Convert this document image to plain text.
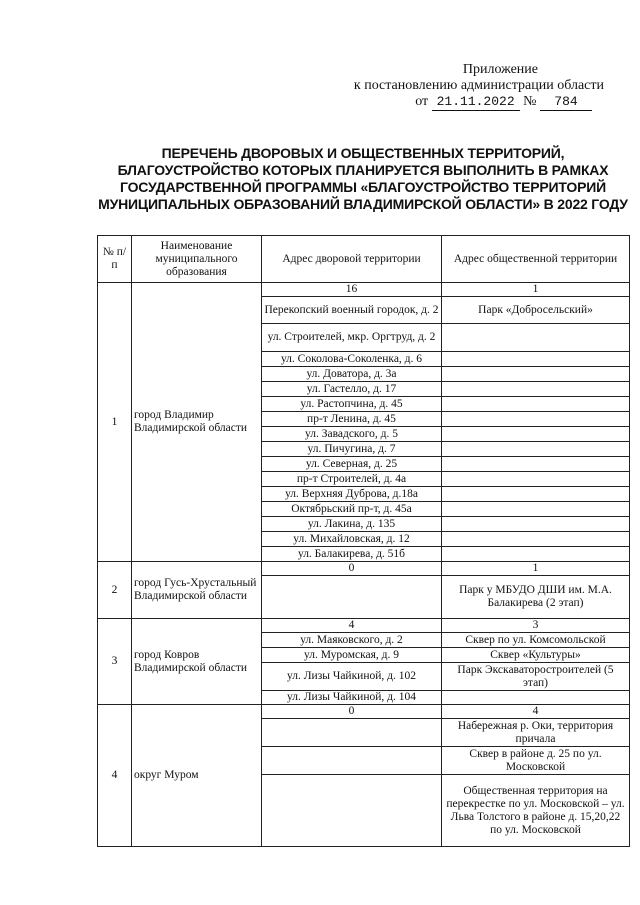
Приложение
к постановлению администрации области
от 21.11.2022 № 784
ПЕРЕЧЕНЬ ДВОРОВЫХ И ОБЩЕСТВЕННЫХ ТЕРРИТОРИЙ, БЛАГОУСТРОЙСТВО КОТОРЫХ ПЛАНИРУЕТСЯ ВЫПОЛНИТЬ В РАМКАХ ГОСУДАРСТВЕННОЙ ПРОГРАММЫ «БЛАГОУСТРОЙСТВО ТЕРРИТОРИЙ МУНИЦИПАЛЬНЫХ ОБРАЗОВАНИЙ ВЛАДИМИРСКОЙ ОБЛАСТИ» В 2022 ГОДУ
№ п/п	Наименование муниципального образования	Адрес дворовой территории	Адрес общественной территории
1	город Владимир Владимирской области	16	1
		Перекопский военный городок, д. 2	Парк «Добросельский»
		ул. Строителей, мкр. Оргтруд, д. 2	
		ул. Соколова-Соколенка, д. 6	
		ул. Доватора, д. 3а	
		ул. Гастелло, д. 17	
		ул. Растопчина, д. 45	
		пр-т Ленина, д. 45	
		ул. Завадского, д. 5	
		ул. Пичугина, д. 7	
		ул. Северная, д. 25	
		пр-т Строителей, д. 4а	
		ул. Верхняя Дуброва, д.18а	
		Октябрьский пр-т, д. 45а	
		ул. Лакина, д. 135	
		ул. Михайловская, д. 12	
		ул. Балакирева, д. 51б	
2	город Гусь-Хрустальный Владимирской области	0	1
			Парк у МБУДО ДШИ им. М.А. Балакирева (2 этап)
3	город Ковров Владимирской области	4	3
		ул. Маяковского, д. 2	Сквер по ул. Комсомольской
		ул. Муромская, д. 9	Сквер «Культуры»
		ул. Лизы Чайкиной, д. 102	Парк Экскаваторостроителей (5 этап)
		ул. Лизы Чайкиной, д. 104	
4	округ Муром	0	4
			Набережная р. Оки, территория причала
			Сквер в районе д. 25 по ул. Московской
			Общественная территория на перекрестке по ул. Московской – ул. Льва Толстого в районе д. 15,20,22 по ул. Московской
